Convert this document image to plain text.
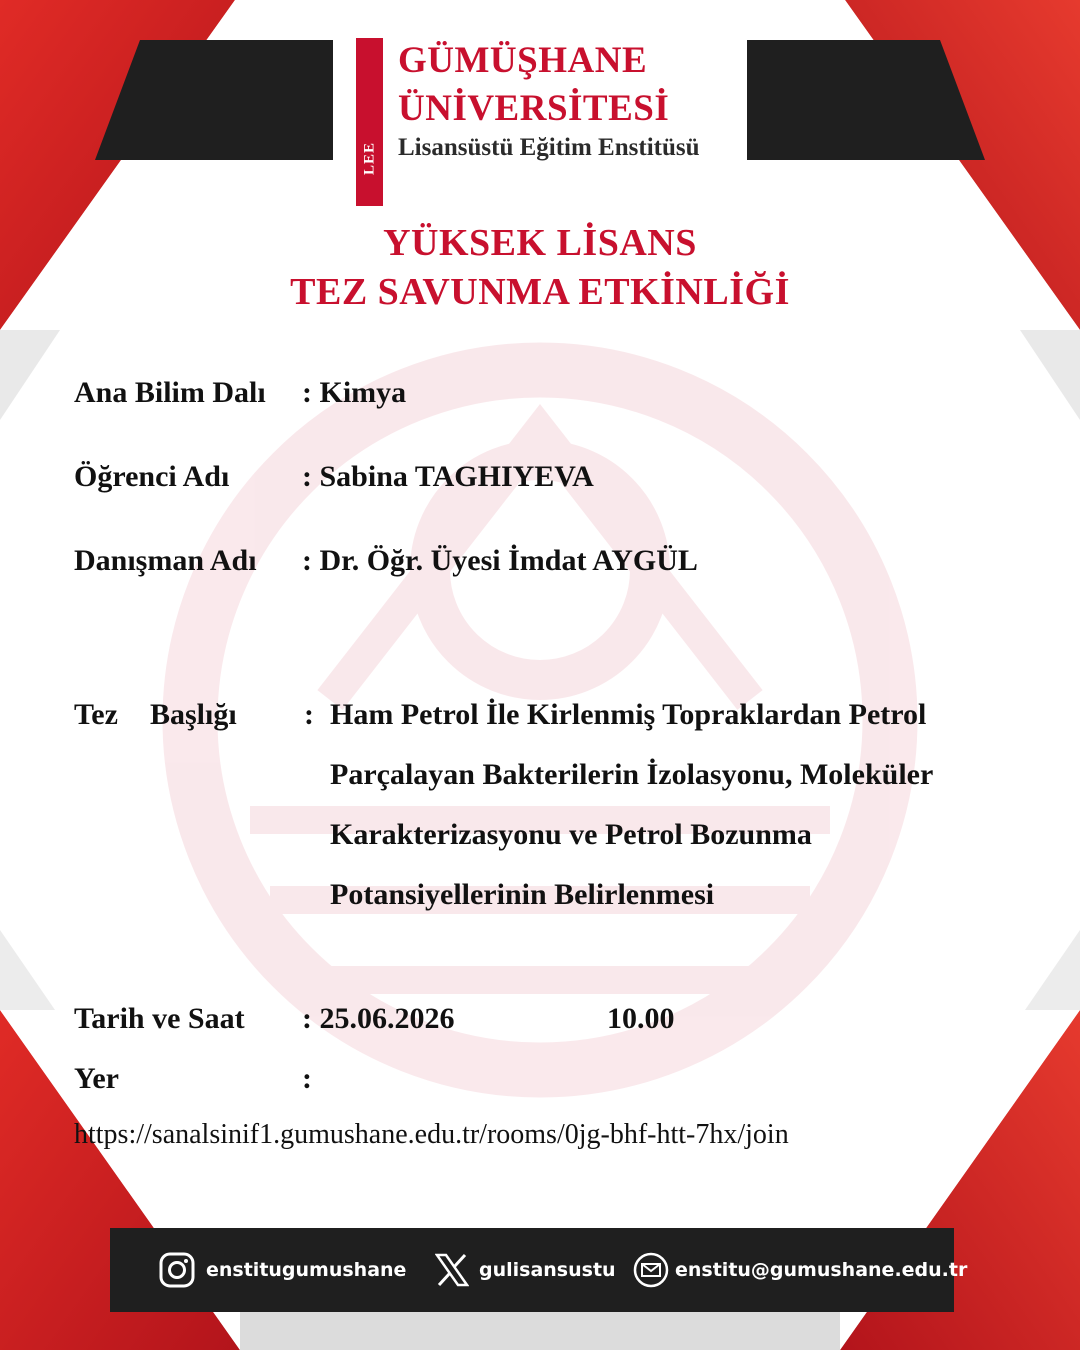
LEE
GÜMÜŞHANE
ÜNİVERSİTESİ
Lisansüstü Eğitim Enstitüsü
YÜKSEK LİSANS
TEZ SAVUNMA ETKİNLİĞİ
Ana Bilim Dalı : Kimya
Öğrenci Adı : Sabina TAGHIYEVA
Danışman Adı : Dr. Öğr. Üyesi İmdat AYGÜL
Tez Başlığı : Ham Petrol İle Kirlenmiş Topraklardan Petrol
Parçalayan Bakterilerin İzolasyonu, Moleküler
Karakterizasyonu ve Petrol Bozunma
Potansiyellerinin Belirlenmesi
Tarih ve Saat : 25.06.2026	10.00
Yer	:
https://sanalsinif1.gumushane.edu.tr/rooms/0jg-bhf-htt-7hx/join
enstitugumushane	gulisansustu	enstitu@gumushane.edu.tr
